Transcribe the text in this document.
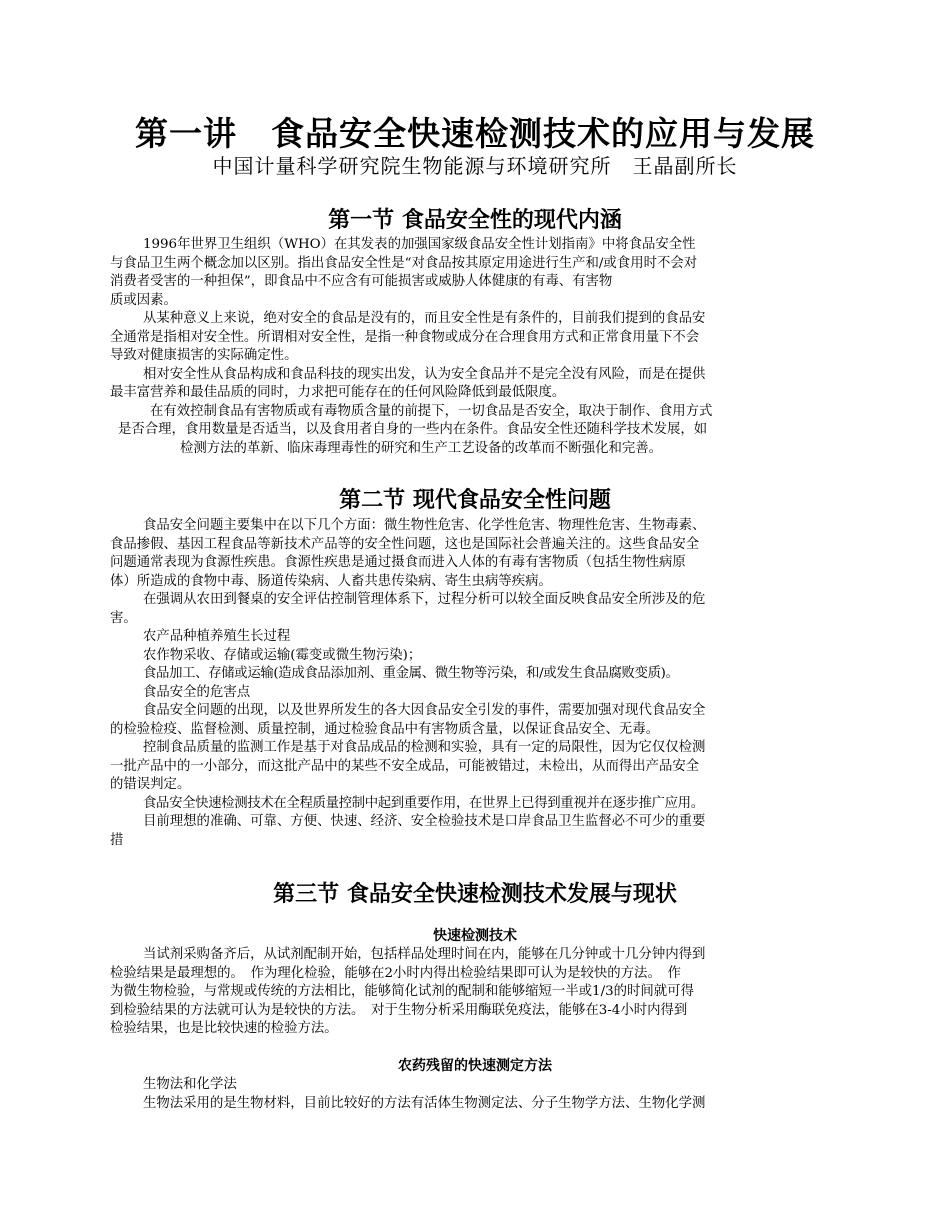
第一讲　食品安全快速检测技术的应用与发展
中国计量科学研究院生物能源与环境研究所　王晶副所长
第一节 食品安全性的现代内涵
1996年世界卫生组织（WHO）在其发表的加强国家级食品安全性计划指南》中将食品安全性
与食品卫生两个概念加以区别。指出食品安全性是“对食品按其原定用途进行生产和/或食用时不会对
消费者受害的一种担保”，即食品中不应含有可能损害或威胁人体健康的有毒、有害物
质或因素。
从某种意义上来说，绝对安全的食品是没有的，而且安全性是有条件的，目前我们提到的食品安
全通常是指相对安全性。所谓相对安全性，是指一种食物或成分在合理食用方式和正常食用量下不会
导致对健康损害的实际确定性。
相对安全性从食品构成和食品科技的现实出发，认为安全食品并不是完全没有风险，而是在提供
最丰富营养和最佳品质的同时，力求把可能存在的任何风险降低到最低限度。
在有效控制食品有害物质或有毒物质含量的前提下，一切食品是否安全，取决于制作、食用方式
是否合理，食用数量是否适当，以及食用者自身的一些内在条件。食品安全性还随科学技术发展，如
检测方法的革新、临床毒理毒性的研究和生产工艺设备的改革而不断强化和完善。
第二节 现代食品安全性问题
食品安全问题主要集中在以下几个方面：微生物性危害、化学性危害、物理性危害、生物毒素、
食品掺假、基因工程食品等新技术产品等的安全性问题，这也是国际社会普遍关注的。这些食品安全
问题通常表现为食源性疾患。食源性疾患是通过摄食而进入人体的有毒有害物质（包括生物性病原
体）所造成的食物中毒、肠道传染病、人畜共患传染病、寄生虫病等疾病。
在强调从农田到餐桌的安全评估控制管理体系下，过程分析可以较全面反映食品安全所涉及的危
害。
农产品种植养殖生长过程
农作物采收、存储或运输(霉变或微生物污染)；
食品加工、存储或运输(造成食品添加剂、重金属、微生物等污染，和/或发生食品腐败变质)。
食品安全的危害点
食品安全问题的出现，以及世界所发生的各大因食品安全引发的事件，需要加强对现代食品安全
的检验检疫、监督检测、质量控制，通过检验食品中有害物质含量，以保证食品安全、无毒。
控制食品质量的监测工作是基于对食品成品的检测和实验，具有一定的局限性，因为它仅仅检测
一批产品中的一小部分，而这批产品中的某些不安全成品，可能被错过，未检出，从而得出产品安全
的错误判定。
食品安全快速检测技术在全程质量控制中起到重要作用，在世界上已得到重视并在逐步推广应用。
目前理想的准确、可靠、方便、快速、经济、安全检验技术是口岸食品卫生监督必不可少的重要
措
第三节 食品安全快速检测技术发展与现状
快速检测技术
当试剂采购备齐后，从试剂配制开始，包括样品处理时间在内，能够在几分钟或十几分钟内得到
检验结果是最理想的。　作为理化检验，能够在2小时内得出检验结果即可认为是较快的方法。　作
为微生物检验，与常规或传统的方法相比，能够简化试剂的配制和能够缩短一半或1/3的时间就可得
到检验结果的方法就可认为是较快的方法。　对于生物分析采用酶联免疫法，能够在3-4小时内得到
检验结果，也是比较快速的检验方法。
农药残留的快速测定方法
生物法和化学法
生物法采用的是生物材料，目前比较好的方法有活体生物测定法、分子生物学方法、生物化学测
